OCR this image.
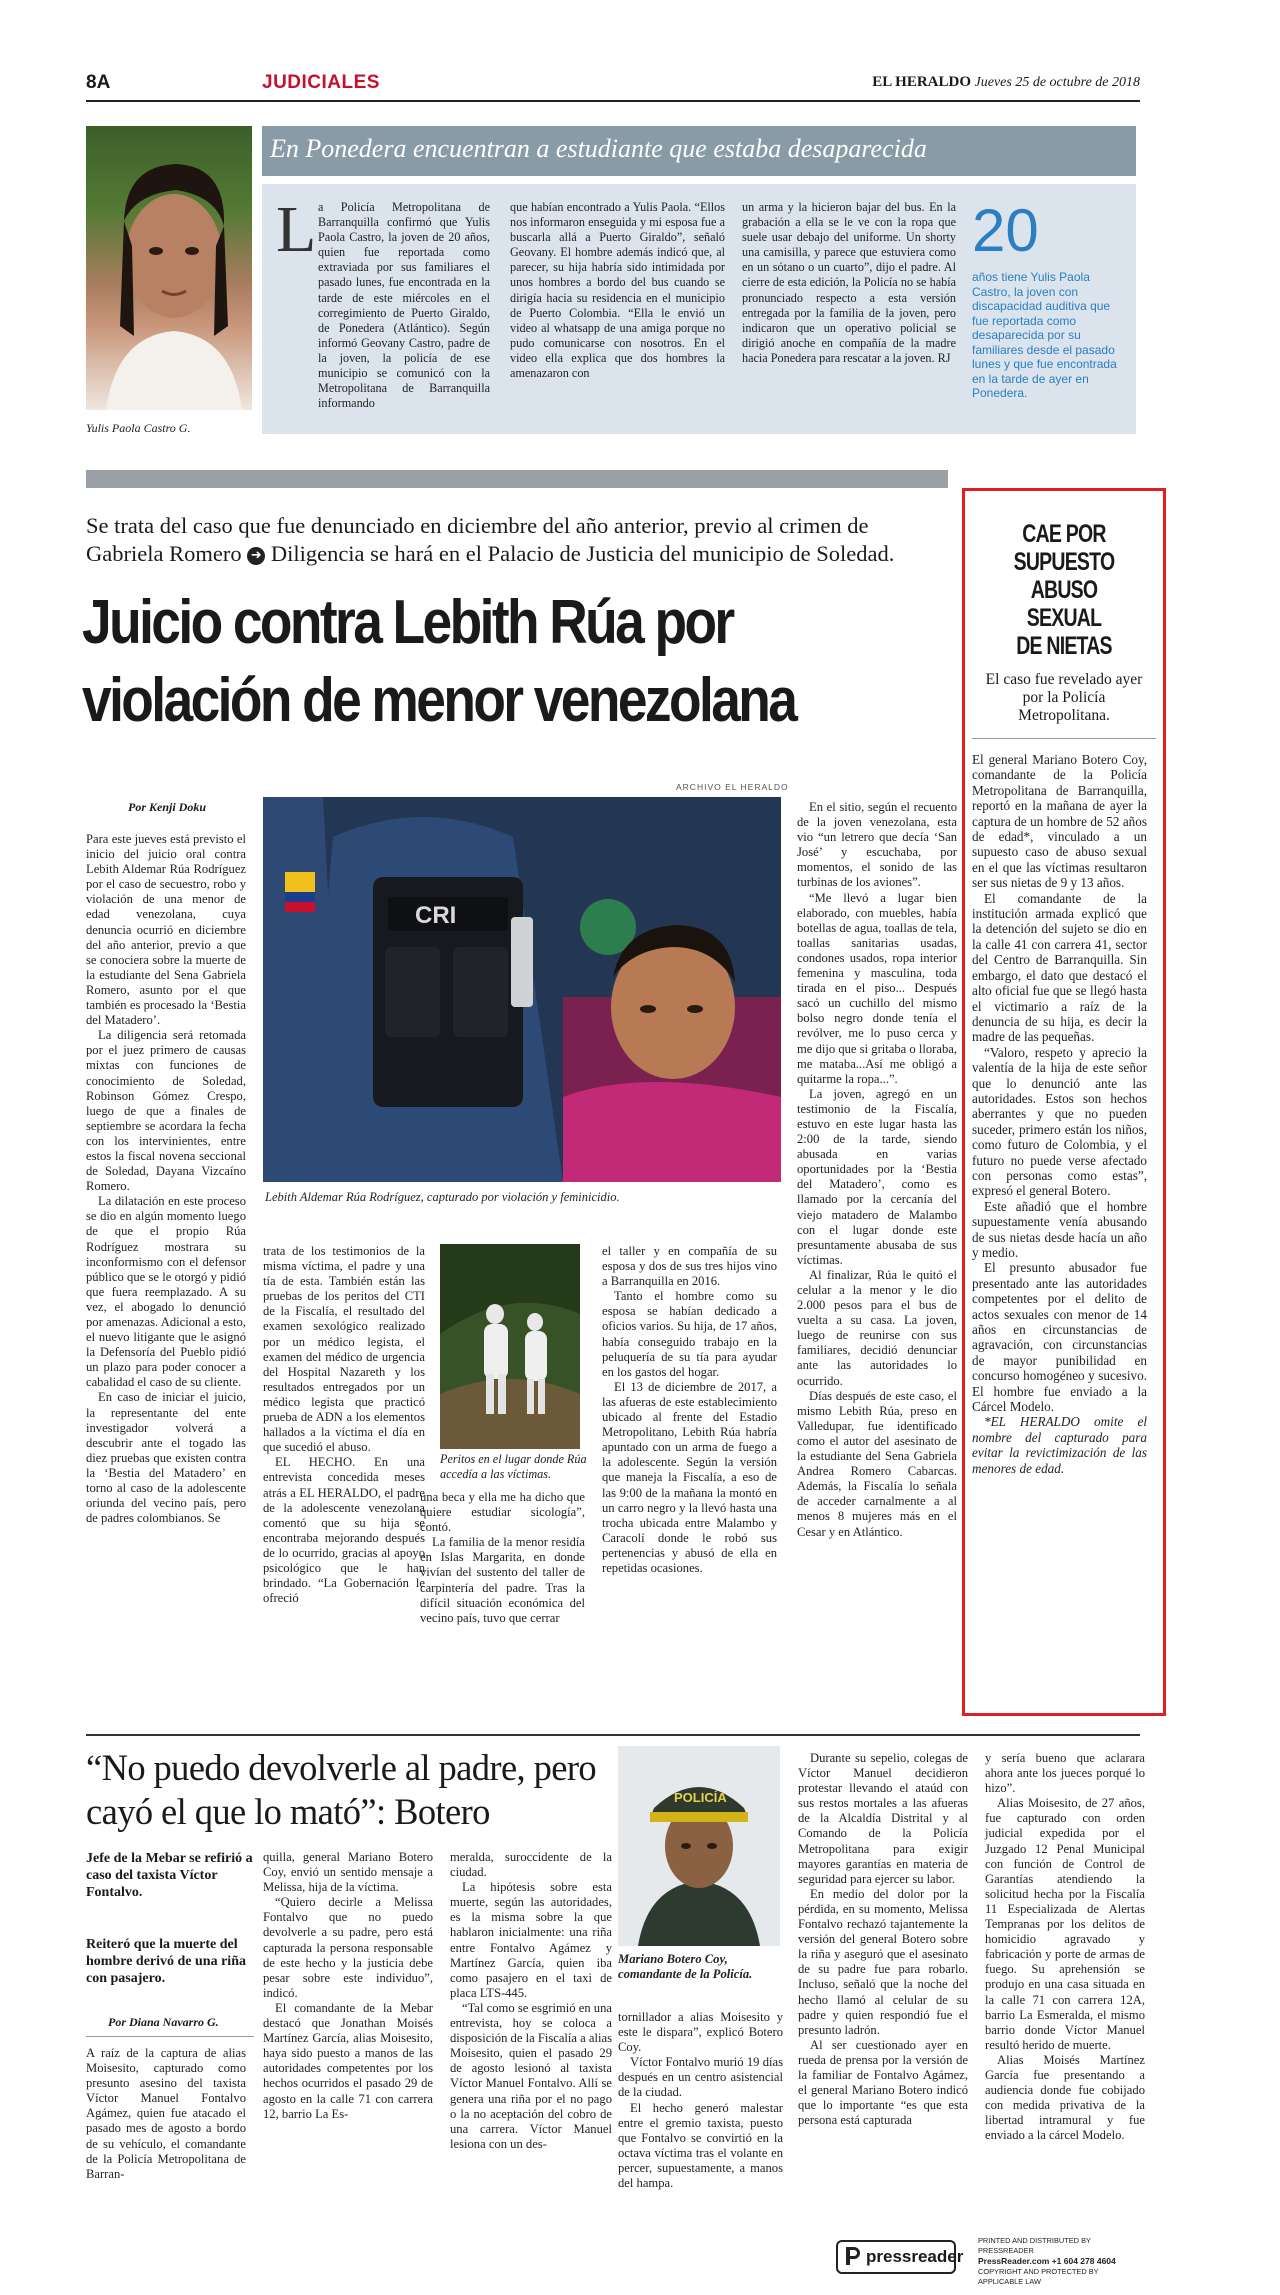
8A	JUDICIALES	EL HERALDO Jueves 25 de octubre de 2018
Yulis Paola Castro G.
En Ponedera encuentran a estudiante que estaba desaparecida
L a Policía Metropolitana de Barranquilla confirmó que Yulis Paola Castro, la joven de 20 años, quien fue reportada como extraviada por sus familiares el pasado lunes, fue encontrada en la tarde de este miércoles en el corregimiento de Puerto Giraldo, de Ponedera (Atlántico). Según informó Geovany Castro, padre de la joven, la policía de ese municipio se comunicó con la Metropolitana de Barranquilla informando
que habían encontrado a Yulis Paola. “Ellos nos informaron enseguida y mi esposa fue a buscarla allá a Puerto Giraldo”, señaló Geovany. El hombre además indicó que, al parecer, su hija habría sido intimidada por unos hombres a bordo del bus cuando se dirigía hacia su residencia en el municipio de Puerto Colombia. “Ella le envió un video al whatsapp de una amiga porque no pudo comunicarse con nosotros. En el video ella explica que dos hombres la amenazaron con
un arma y la hicieron bajar del bus. En la grabación a ella se le ve con la ropa que suele usar debajo del uniforme. Un shorty una camisilla, y parece que estuviera como en un sótano o un cuarto”, dijo el padre. Al cierre de esta edición, la Policía no se había pronunciado respecto a esta versión entregada por la familia de la joven, pero indicaron que un operativo policial se dirigió anoche en compañía de la madre hacia Ponedera para rescatar a la joven. RJ
20
años tiene Yulis Paola Castro, la joven con discapacidad auditiva que fue reportada como desaparecida por su familiares desde el pasado lunes y que fue encontrada en la tarde de ayer en Ponedera.
Se trata del caso que fue denunciado en diciembre del año anterior, previo al crimen de Gabriela Romero ➜ Diligencia se hará en el Palacio de Justicia del municipio de Soledad.
Juicio contra Lebith Rúa por
violación de menor venezolana
ARCHIVO EL HERALDO
Por Kenji Doku
CRI
Lebith Aldemar Rúa Rodríguez, capturado por violación y feminicidio.

Para este jueves está previsto el inicio del juicio oral contra Lebith Aldemar Rúa Rodríguez por el caso de secuestro, robo y violación de una menor de edad venezolana, cuya denuncia ocurrió en diciembre del año anterior, previo a que se conociera sobre la muerte de la estudiante del Sena Gabriela Romero, asunto por el que también es procesado la ‘Bestia del Matadero’.

La diligencia será retomada por el juez primero de causas mixtas con funciones de conocimiento de Soledad, Robinson Gómez Crespo, luego de que a finales de septiembre se acordara la fecha con los intervinientes, entre estos la fiscal novena seccional de Soledad, Dayana Vizcaíno Romero.

La dilatación en este proceso se dio en algún momento luego de que el propio Rúa Rodríguez mostrara su inconformismo con el defensor público que se le otorgó y pidió que fuera reemplazado. A su vez, el abogado lo denunció por amenazas. Adicional a esto, el nuevo litigante que le asignó la Defensoría del Pueblo pidió un plazo para poder conocer a cabalidad el caso de su cliente.

En caso de iniciar el juicio, la representante del ente investigador volverá a descubrir ante el togado las diez pruebas que existen contra la ‘Bestia del Matadero’ en torno al caso de la adolescente oriunda del vecino país, pero de padres colombianos. Se

trata de los testimonios de la misma víctima, el padre y una tía de esta. También están las pruebas de los peritos del CTI de la Fiscalía, el resultado del examen sexológico realizado por un médico legista, el examen del médico de urgencia del Hospital Nazareth y los resultados entregados por un médico legista que practicó prueba de ADN a los elementos hallados a la víctima el día en que sucedió el abuso.

EL HECHO. En una entrevista concedida meses atrás a EL HERALDO, el padre de la adolescente venezolana comentó que su hija se encontraba mejorando después de lo ocurrido, gracias al apoyo psicológico que le han brindado. “La Gobernación le ofreció

Peritos en el lugar donde Rúa accedía a las víctimas.

una beca y ella me ha dicho que quiere estudiar sicología”, contó.

La familia de la menor residía en Islas Margarita, en donde vivían del sustento del taller de carpintería del padre. Tras la difícil situación económica del vecino país, tuvo que cerrar

el taller y en compañía de su esposa y dos de sus tres hijos vino a Barranquilla en 2016.

Tanto el hombre como su esposa se habían dedicado a oficios varios. Su hija, de 17 años, había conseguido trabajo en la peluquería de su tía para ayudar en los gastos del hogar.

El 13 de diciembre de 2017, a las afueras de este establecimiento ubicado al frente del Estadio Metropolitano, Lebith Rúa habría apuntado con un arma de fuego a la adolescente. Según la versión que maneja la Fiscalía, a eso de las 9:00 de la mañana la montó en un carro negro y la llevó hasta una trocha ubicada entre Malambo y Caracolí donde le robó sus pertenencias y abusó de ella en repetidas ocasiones.

En el sitio, según el recuento de la joven venezolana, esta vio “un letrero que decía ‘San José’ y escuchaba, por momentos, el sonido de las turbinas de los aviones”.

“Me llevó a lugar bien elaborado, con muebles, había botellas de agua, toallas de tela, toallas sanitarias usadas, condones usados, ropa interior femenina y masculina, toda tirada en el piso... Después sacó un cuchillo del mismo bolso negro donde tenía el revólver, me lo puso cerca y me dijo que si gritaba o lloraba, me mataba...Así me obligó a quitarme la ropa...”.

La joven, agregó en un testimonio de la Fiscalía, estuvo en este lugar hasta las 2:00 de la tarde, siendo abusada en varias oportunidades por la ‘Bestia del Matadero’, como es llamado por la cercanía del viejo matadero de Malambo con el lugar donde este presuntamente abusaba de sus víctimas.

Al finalizar, Rúa le quitó el celular a la menor y le dio 2.000 pesos para el bus de vuelta a su casa. La joven, luego de reunirse con sus familiares, decidió denunciar ante las autoridades lo ocurrido.

Días después de este caso, el mismo Lebith Rúa, preso en Valledupar, fue identificado como el autor del asesinato de la estudiante del Sena Gabriela Andrea Romero Cabarcas. Además, la Fiscalía lo señala de acceder carnalmente a al menos 8 mujeres más en el Cesar y en Atlántico.

CAE POR
SUPUESTO
ABUSO SEXUAL
DE NIETAS
El caso fue revelado ayer por la Policía Metropolitana.

El general Mariano Botero Coy, comandante de la Policía Metropolitana de Barranquilla, reportó en la mañana de ayer la captura de un hombre de 52 años de edad*, vinculado a un supuesto caso de abuso sexual en el que las víctimas resultaron ser sus nietas de 9 y 13 años.

El comandante de la institución armada explicó que la detención del sujeto se dio en la calle 41 con carrera 41, sector del Centro de Barranquilla. Sin embargo, el dato que destacó el alto oficial fue que se llegó hasta el victimario a raíz de la denuncia de su hija, es decir la madre de las pequeñas.

“Valoro, respeto y aprecio la valentía de la hija de este señor que lo denunció ante las autoridades. Estos son hechos aberrantes y que no pueden suceder, primero están los niños, como futuro de Colombia, y el futuro no puede verse afectado con personas como estas”, expresó el general Botero.

Este añadió que el hombre supuestamente venía abusando de sus nietas desde hacía un año y medio.

El presunto abusador fue presentado ante las autoridades competentes por el delito de actos sexuales con menor de 14 años en circunstancias de agravación, con circunstancias de mayor punibilidad en concurso homogéneo y sucesivo. El hombre fue enviado a la Cárcel Modelo.

*EL HERALDO omite el nombre del capturado para evitar la revictimización de las menores de edad.

“No puedo devolverle al padre, pero cayó el que lo mató”: Botero
Jefe de la Mebar se refirió a caso del taxista Víctor Fontalvo.
Reiteró que la muerte del hombre derivó de una riña con pasajero.
Por Diana Navarro G.

A raíz de la captura de alias Moisesito, capturado como presunto asesino del taxista Víctor Manuel Fontalvo Agámez, quien fue atacado el pasado mes de agosto a bordo de su vehículo, el comandante de la Policía Metropolitana de Barran-

quilla, general Mariano Botero Coy, envió un sentido mensaje a Melissa, hija de la víctima.

“Quiero decirle a Melissa Fontalvo que no puedo devolverle a su padre, pero está capturada la persona responsable de este hecho y la justicia debe pesar sobre este individuo”, indicó.

El comandante de la Mebar destacó que Jonathan Moisés Martínez García, alias Moisesito, haya sido puesto a manos de las autoridades competentes por los hechos ocurridos el pasado 29 de agosto en la calle 71 con carrera 12, barrio La Es-

meralda, suroccidente de la ciudad.

La hipótesis sobre esta muerte, según las autoridades, es la misma sobre la que hablaron inicialmente: una riña entre Fontalvo Agámez y Martínez García, quien iba como pasajero en el taxi de placa LTS-445.

“Tal como se esgrimió en una entrevista, hoy se coloca a disposición de la Fiscalía a alias Moisesito, quien el pasado 29 de agosto lesionó al taxista Víctor Manuel Fontalvo. Allí se genera una riña por el no pago o la no aceptación del cobro de una carrera. Víctor Manuel lesiona con un des-

POLICÍA
Mariano Botero Coy, comandante de la Policía.

tornillador a alias Moisesito y este le dispara”, explicó Botero Coy.

Víctor Fontalvo murió 19 días después en un centro asistencial de la ciudad.

El hecho generó malestar entre el gremio taxista, puesto que Fontalvo se convirtió en la octava víctima tras el volante en percer, supuestamente, a manos del hampa.

Durante su sepelio, colegas de Víctor Manuel decidieron protestar llevando el ataúd con sus restos mortales a las afueras de la Alcaldía Distrital y al Comando de la Policía Metropolitana para exigir mayores garantías en materia de seguridad para ejercer su labor.

En medio del dolor por la pérdida, en su momento, Melissa Fontalvo rechazó tajantemente la versión del general Botero sobre la riña y aseguró que el asesinato de su padre fue para robarlo. Incluso, señaló que la noche del hecho llamó al celular de su padre y quien respondió fue el presunto ladrón.

Al ser cuestionado ayer en rueda de prensa por la versión de la familiar de Fontalvo Agámez, el general Mariano Botero indicó que lo importante “es que esta persona está capturada

y sería bueno que aclarara ahora ante los jueces porqué lo hizo”.

Alias Moisesito, de 27 años, fue capturado con orden judicial expedida por el Juzgado 12 Penal Municipal con función de Control de Garantías atendiendo la solicitud hecha por la Fiscalía 11 Especializada de Alertas Tempranas por los delitos de homicidio agravado y fabricación y porte de armas de fuego. Su aprehensión se produjo en una casa situada en la calle 71 con carrera 12A, barrio La Esmeralda, el mismo barrio donde Víctor Manuel resultó herido de muerte.

Alias Moisés Martínez García fue presentando a audiencia donde fue cobijado con medida privativa de la libertad intramural y fue enviado a la cárcel Modelo.

pressreader
PRINTED AND DISTRIBUTED BY PRESSREADER
PressReader.com +1 604 278 4604
COPYRIGHT AND PROTECTED BY APPLICABLE LAW
